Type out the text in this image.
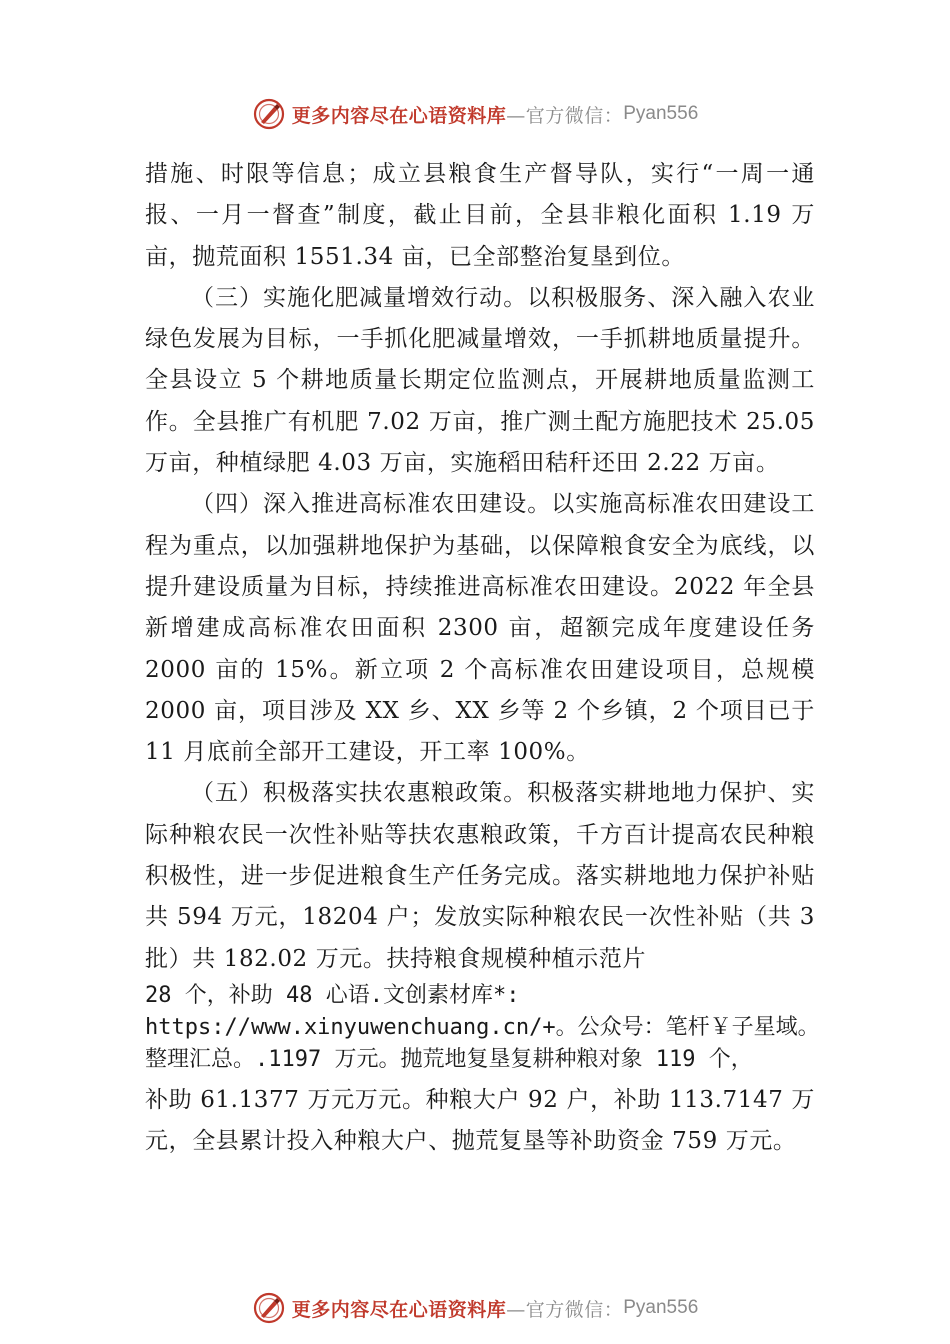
更多内容尽在心语资料库 —官方微信： Pyan556

措施、时限等信息；成立县粮食生产督导队，实行“一周一通报、一月一督查”制度，截止目前，全县非粮化面积 1.19 万亩，抛荒面积 1551.34 亩，已全部整治复垦到位。

（三）实施化肥减量增效行动。以积极服务、深入融入农业绿色发展为目标，一手抓化肥减量增效，一手抓耕地质量提升。全县设立 5 个耕地质量长期定位监测点，开展耕地质量监测工作。全县推广有机肥 7.02 万亩，推广测土配方施肥技术 25.05 万亩，种植绿肥 4.03 万亩，实施稻田秸秆还田 2.22 万亩。

（四）深入推进高标准农田建设。以实施高标准农田建设工程为重点，以加强耕地保护为基础，以保障粮食安全为底线，以提升建设质量为目标，持续推进高标准农田建设。2022 年全县新增建成高标准农田面积 2300 亩，超额完成年度建设任务 2000 亩的 15%。新立项 2 个高标准农田建设项目，总规模 2000 亩，项目涉及 XX 乡、XX 乡等 2 个乡镇，2 个项目已于 11 月底前全部开工建设，开工率 100%。

（五）积极落实扶农惠粮政策。积极落实耕地地力保护、实际种粮农民一次性补贴等扶农惠粮政策，千方百计提高农民种粮积极性，进一步促进粮食生产任务完成。落实耕地地力保护补贴共 594 万元，18204 户；发放实际种粮农民一次性补贴（共 3 批）共 182.02 万元。扶持粮食规模种植示范片

28 个，补助 48 心语.文创素材库*:
https://www.xinyuwenchuang.cn/+。公众号：笔杆￥子星域。
整理汇总。.1197 万元。抛荒地复垦复耕种粮对象 119 个，

补助 61.1377 万元万元。种粮大户 92 户，补助 113.7147 万元，全县累计投入种粮大户、抛荒复垦等补助资金 759 万元。

更多内容尽在心语资料库 —官方微信： Pyan556
